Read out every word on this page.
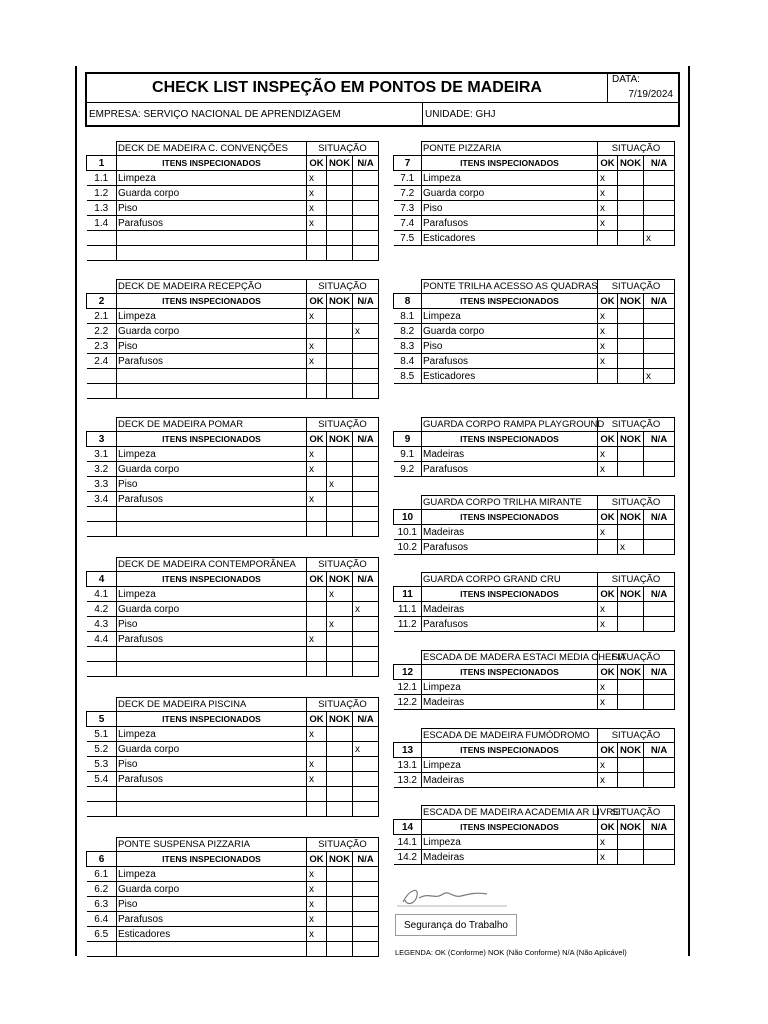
CHECK LIST INSPEÇÃO EM PONTOS DE MADEIRA	DATA:
7/19/2024
EMPRESA: SERVIÇO NACIONAL DE APRENDIZAGEM	UNIDADE: GHJ
	DECK DE MADEIRA C. CONVENÇÕES	SITUAÇÃO		
1	ITENS INSPECIONADOS	OK	NOK	N/A
1.1	Limpeza	x		
1.2	Guarda corpo	x		
1.3	Piso	x		
1.4	Parafusos	x		

	DECK DE MADEIRA RECEPÇÃO	SITUAÇÃO		
2	ITENS INSPECIONADOS	OK	NOK	N/A
2.1	Limpeza	x		
2.2	Guarda corpo			x
2.3	Piso	x		
2.4	Parafusos	x		

	DECK DE MADEIRA POMAR	SITUAÇÃO		
3	ITENS INSPECIONADOS	OK	NOK	N/A
3.1	Limpeza	x		
3.2	Guarda corpo	x		
3.3	Piso		x	
3.4	Parafusos	x		

	DECK DE MADEIRA CONTEMPORÂNEA	SITUAÇÃO		
4	ITENS INSPECIONADOS	OK	NOK	N/A
4.1	Limpeza		x	
4.2	Guarda corpo			x
4.3	Piso		x	
4.4	Parafusos	x		

	DECK DE MADEIRA PISCINA	SITUAÇÃO		
5	ITENS INSPECIONADOS	OK	NOK	N/A
5.1	Limpeza	x		
5.2	Guarda corpo			x
5.3	Piso	x		
5.4	Parafusos	x		

	PONTE SUSPENSA PIZZARIA	SITUAÇÃO		
6	ITENS INSPECIONADOS	OK	NOK	N/A
6.1	Limpeza	x		
6.2	Guarda corpo	x		
6.3	Piso	x		
6.4	Parafusos	x		
6.5	Esticadores	x		

	PONTE PIZZARIA	SITUAÇÃO		
7	ITENS INSPECIONADOS	OK	NOK	N/A
7.1	Limpeza	x		
7.2	Guarda corpo	x		
7.3	Piso	x		
7.4	Parafusos	x		
7.5	Esticadores			x
	PONTE TRILHA ACESSO AS QUADRAS	SITUAÇÃO		
8	ITENS INSPECIONADOS	OK	NOK	N/A
8.1	Limpeza	x		
8.2	Guarda corpo	x		
8.3	Piso	x		
8.4	Parafusos	x		
8.5	Esticadores			x
	GUARDA CORPO RAMPA PLAYGROUND	SITUAÇÃO		
9	ITENS INSPECIONADOS	OK	NOK	N/A
9.1	Madeiras	x		
9.2	Parafusos	x		
	GUARDA CORPO TRILHA MIRANTE	SITUAÇÃO		
10	ITENS INSPECIONADOS	OK	NOK	N/A
10.1	Madeiras	x		
10.2	Parafusos		x	
	GUARDA CORPO GRAND CRU	SITUAÇÃO		
11	ITENS INSPECIONADOS	OK	NOK	N/A
11.1	Madeiras	x		
11.2	Parafusos	x		
	ESCADA DE MADERA ESTACI MEDIA CHEFIA	SITUAÇÃO		
12	ITENS INSPECIONADOS	OK	NOK	N/A
12.1	Limpeza	x		
12.2	Madeiras	x		
	ESCADA DE MADEIRA FUMÓDROMO	SITUAÇÃO		
13	ITENS INSPECIONADOS	OK	NOK	N/A
13.1	Limpeza	x		
13.2	Madeiras	x		
	ESCADA DE MADEIRA ACADEMIA AR LIVRE	SITUAÇÃO		
14	ITENS INSPECIONADOS	OK	NOK	N/A
14.1	Limpeza	x		
14.2	Madeiras	x		
Segurança do Trabalho
LEGENDA: OK (Conforme) NOK (Não Conforme) N/A (Não Aplicável)
